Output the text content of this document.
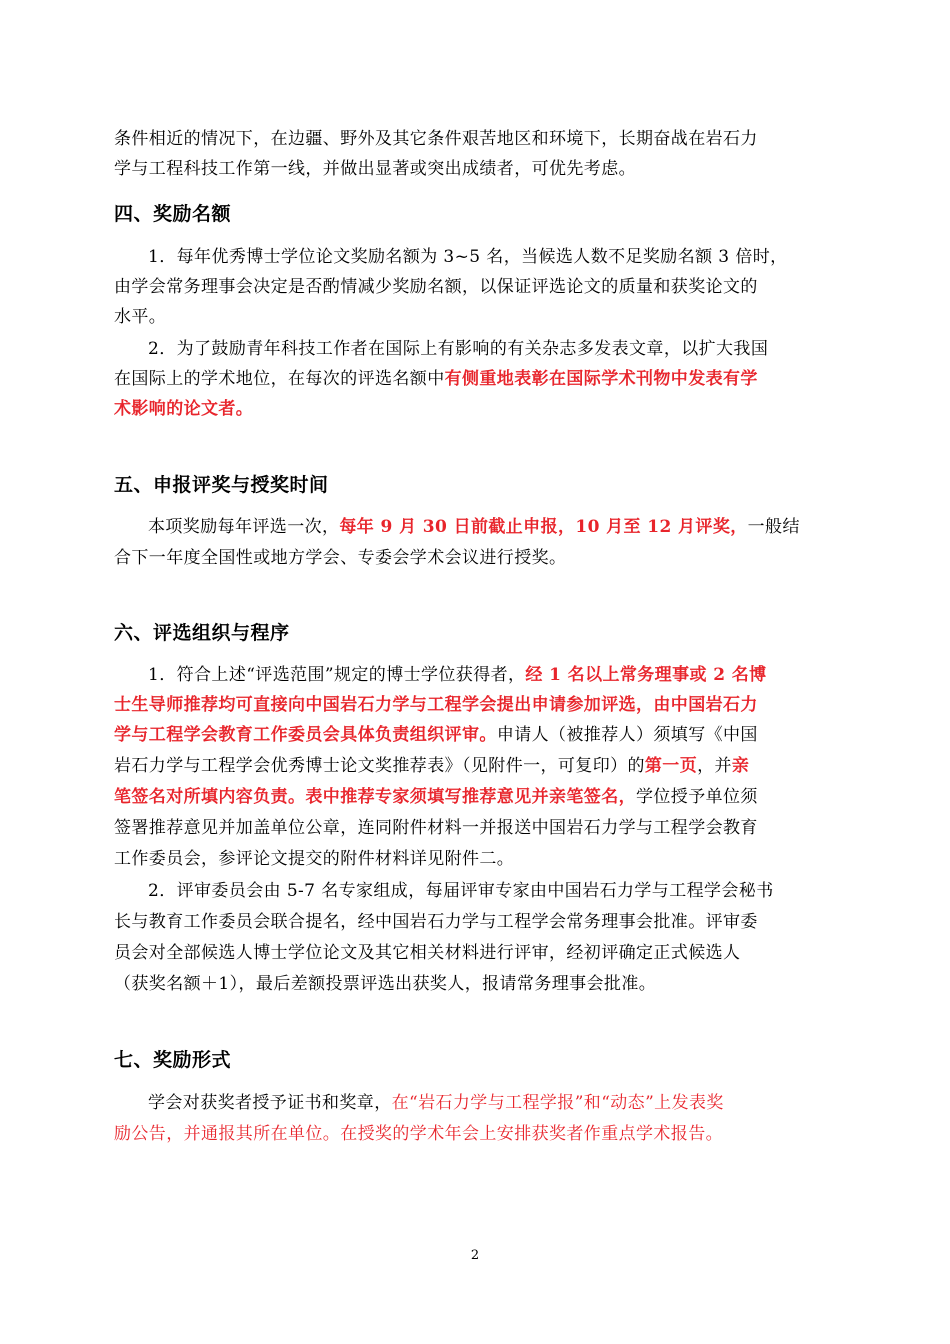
条件相近的情况下，在边疆、野外及其它条件艰苦地区和环境下，长期奋战在岩石力
学与工程科技工作第一线，并做出显著或突出成绩者，可优先考虑。
四、奖励名额
1．每年优秀博士学位论文奖励名额为 3~5 名，当候选人数不足奖励名额 3 倍时，
由学会常务理事会决定是否酌情减少奖励名额，以保证评选论文的质量和获奖论文的
水平。
2．为了鼓励青年科技工作者在国际上有影响的有关杂志多发表文章，以扩大我国
在国际上的学术地位，在每次的评选名额中有侧重地表彰在国际学术刊物中发表有学
术影响的论文者。
五、申报评奖与授奖时间
本项奖励每年评选一次，每年 9 月 30 日前截止申报，10 月至 12 月评奖，一般结
合下一年度全国性或地方学会、专委会学术会议进行授奖。
六、评选组织与程序
1．符合上述“评选范围”规定的博士学位获得者，经 1 名以上常务理事或 2 名博
士生导师推荐均可直接向中国岩石力学与工程学会提出申请参加评选，由中国岩石力
学与工程学会教育工作委员会具体负责组织评审。申请人（被推荐人）须填写《中国
岩石力学与工程学会优秀博士论文奖推荐表》（见附件一，可复印）的第一页，并亲
笔签名对所填内容负责。表中推荐专家须填写推荐意见并亲笔签名，学位授予单位须
签署推荐意见并加盖单位公章，连同附件材料一并报送中国岩石力学与工程学会教育
工作委员会，参评论文提交的附件材料详见附件二。
2．评审委员会由 5-7 名专家组成，每届评审专家由中国岩石力学与工程学会秘书
长与教育工作委员会联合提名，经中国岩石力学与工程学会常务理事会批准。评审委
员会对全部候选人博士学位论文及其它相关材料进行评审，经初评确定正式候选人
（获奖名额＋1），最后差额投票评选出获奖人，报请常务理事会批准。
七、奖励形式
学会对获奖者授予证书和奖章，在“岩石力学与工程学报”和“动态”上发表奖
励公告，并通报其所在单位。在授奖的学术年会上安排获奖者作重点学术报告。
2
